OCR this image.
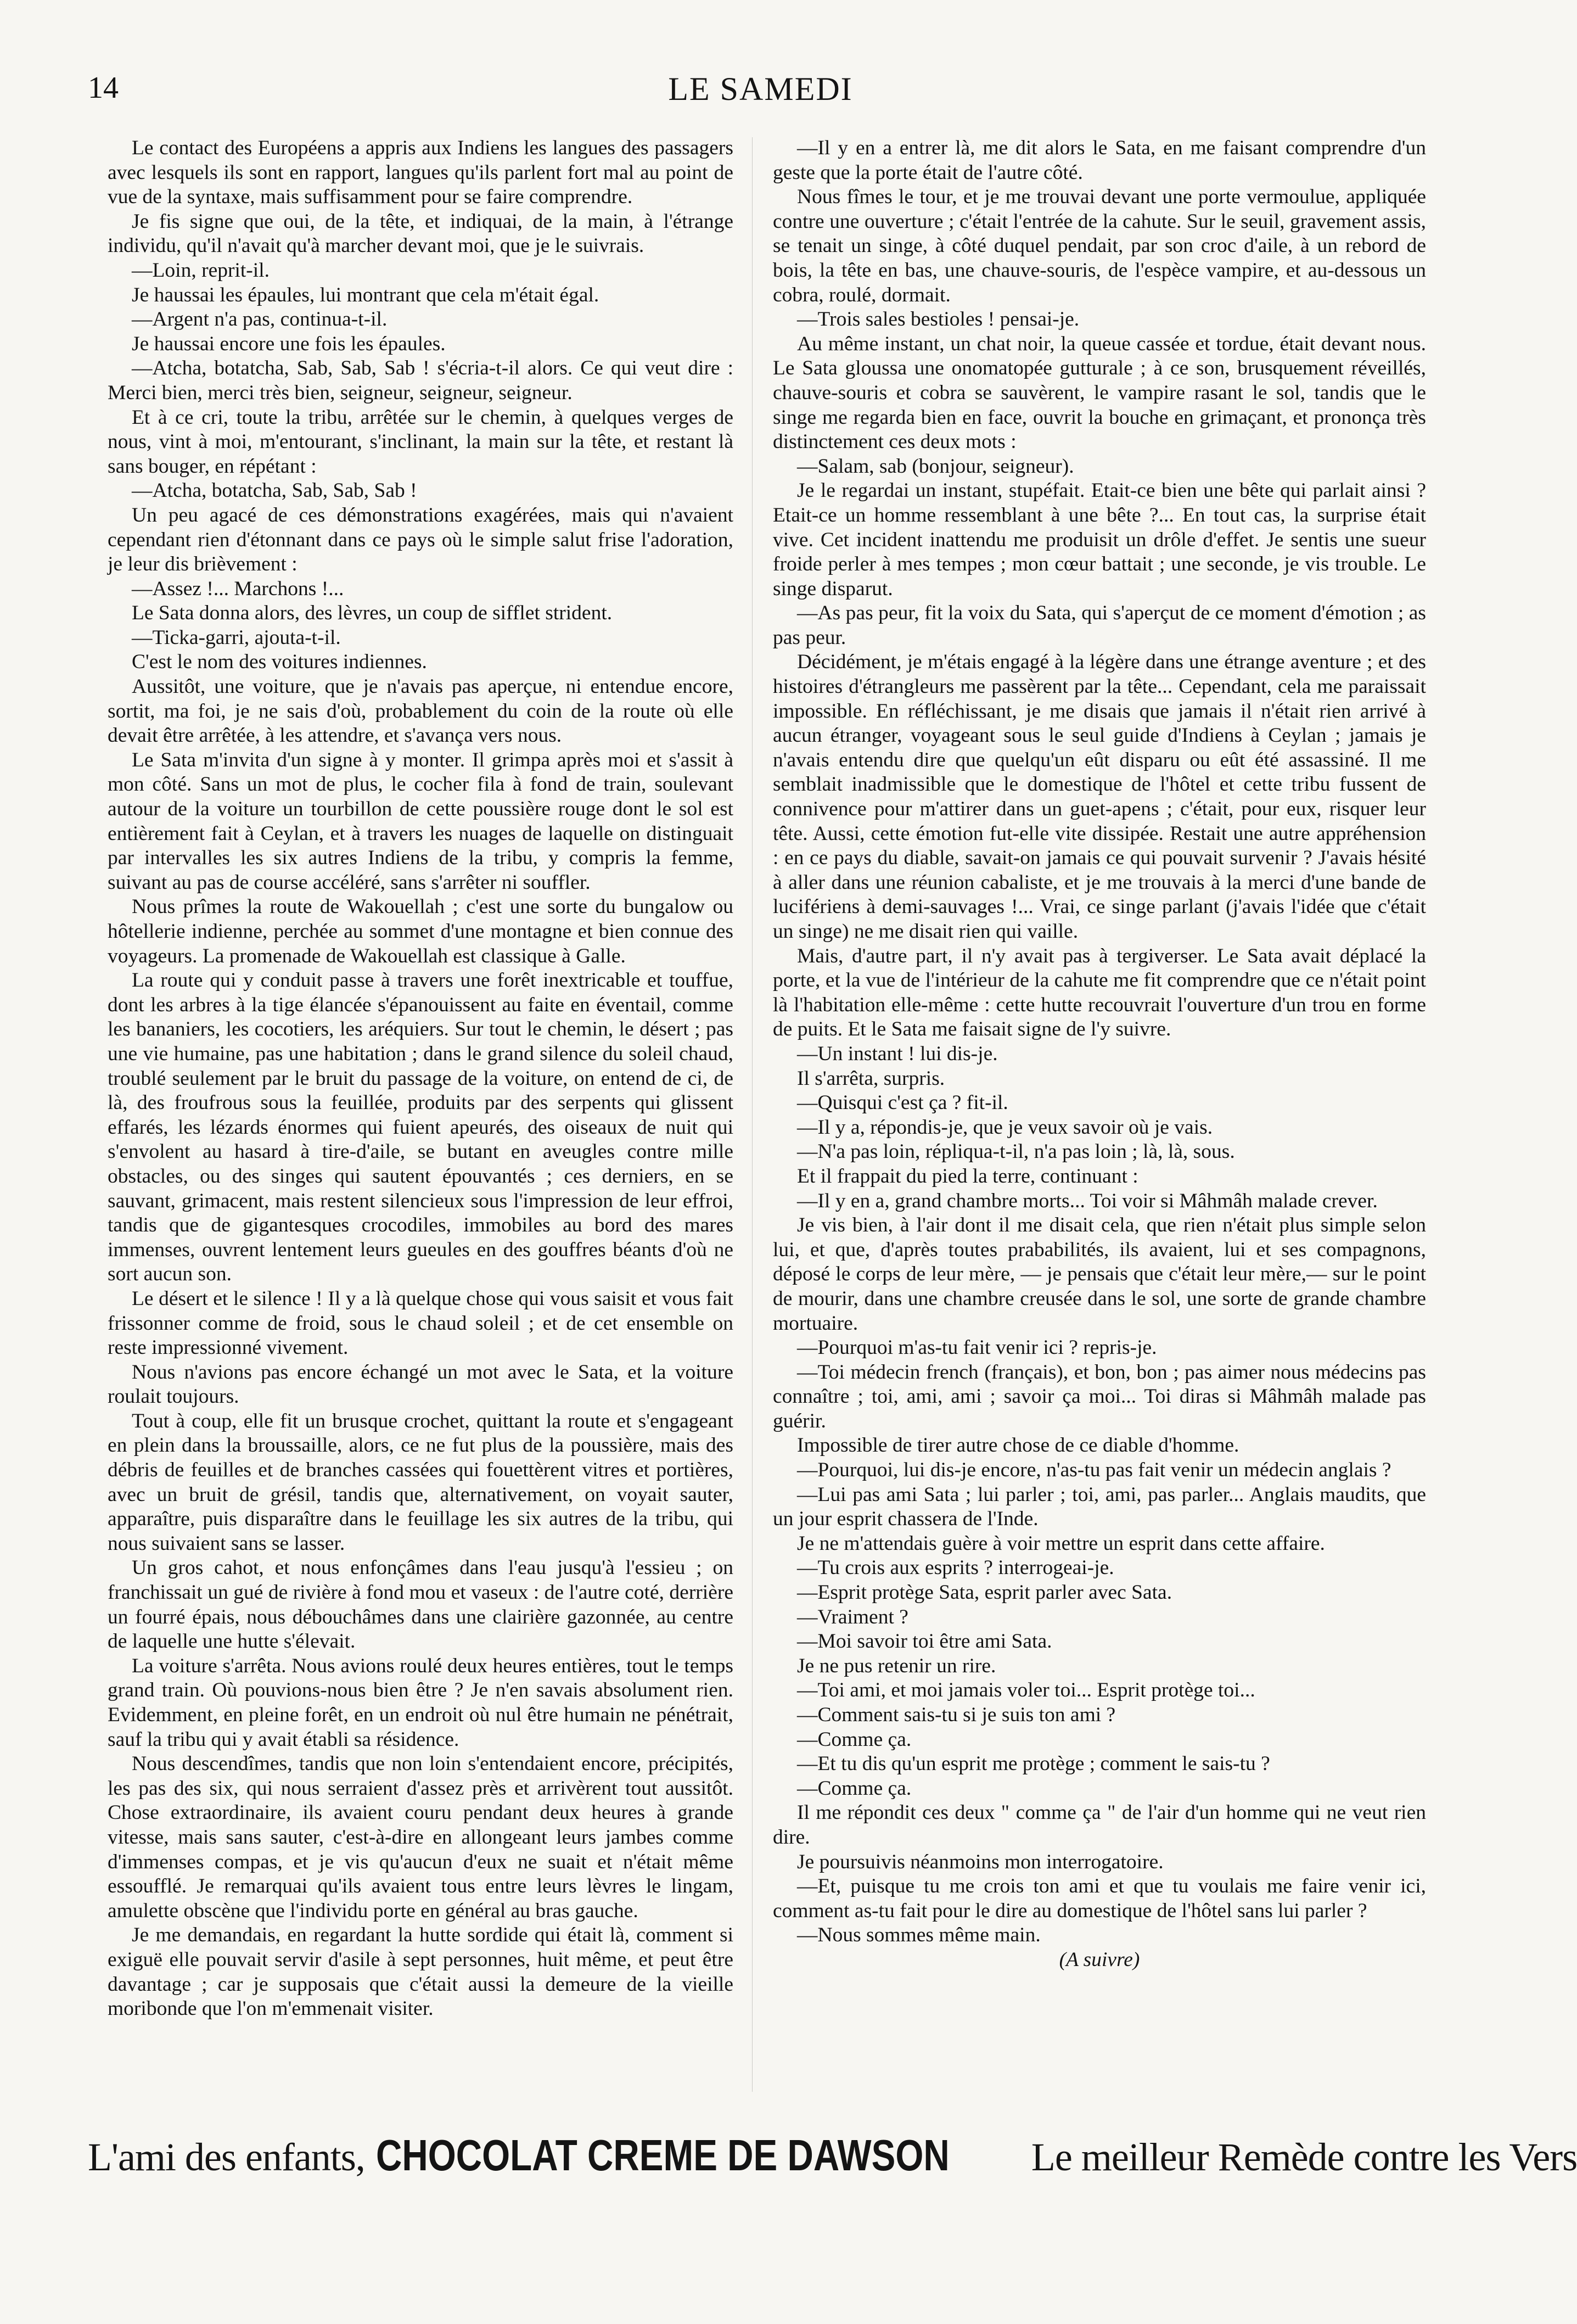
14	LE SAMEDI

Le contact des Européens a appris aux Indiens les langues des passagers avec lesquels ils sont en rapport, langues qu'ils parlent fort mal au point de vue de la syntaxe, mais suffisamment pour se faire comprendre.

Je fis signe que oui, de la tête, et indiquai, de la main, à l'étrange individu, qu'il n'avait qu'à marcher devant moi, que je le suivrais.

—Loin, reprit-il.

Je haussai les épaules, lui montrant que cela m'était égal.

—Argent n'a pas, continua-t-il.

Je haussai encore une fois les épaules.

—Atcha, botatcha, Sab, Sab, Sab ! s'écria-t-il alors. Ce qui veut dire : Merci bien, merci très bien, seigneur, seigneur, seigneur.

Et à ce cri, toute la tribu, arrêtée sur le chemin, à quelques verges de nous, vint à moi, m'entourant, s'inclinant, la main sur la tête, et restant là sans bouger, en répétant :

—Atcha, botatcha, Sab, Sab, Sab !

Un peu agacé de ces démonstrations exagérées, mais qui n'avaient cependant rien d'étonnant dans ce pays où le simple salut frise l'adoration, je leur dis brièvement :

—Assez !... Marchons !...

Le Sata donna alors, des lèvres, un coup de sifflet strident.

—Ticka-garri, ajouta-t-il.

C'est le nom des voitures indiennes.

Aussitôt, une voiture, que je n'avais pas aperçue, ni entendue encore, sortit, ma foi, je ne sais d'où, probablement du coin de la route où elle devait être arrêtée, à les attendre, et s'avança vers nous.

Le Sata m'invita d'un signe à y monter. Il grimpa après moi et s'assit à mon côté. Sans un mot de plus, le cocher fila à fond de train, soulevant autour de la voiture un tourbillon de cette poussière rouge dont le sol est entièrement fait à Ceylan, et à travers les nuages de laquelle on distinguait par intervalles les six autres Indiens de la tribu, y compris la femme, suivant au pas de course accéléré, sans s'arrêter ni souffler.

Nous prîmes la route de Wakouellah ; c'est une sorte du bungalow ou hôtellerie indienne, perchée au sommet d'une montagne et bien connue des voyageurs. La promenade de Wakouellah est classique à Galle.

La route qui y conduit passe à travers une forêt inextricable et touffue, dont les arbres à la tige élancée s'épanouissent au faite en éventail, comme les bananiers, les cocotiers, les aréquiers. Sur tout le chemin, le désert ; pas une vie humaine, pas une habitation ; dans le grand silence du soleil chaud, troublé seulement par le bruit du passage de la voiture, on entend de ci, de là, des froufrous sous la feuillée, produits par des serpents qui glissent effarés, les lézards énormes qui fuient apeurés, des oiseaux de nuit qui s'envolent au hasard à tire-d'aile, se butant en aveugles contre mille obstacles, ou des singes qui sautent épouvantés ; ces derniers, en se sauvant, grimacent, mais restent silencieux sous l'impression de leur effroi, tandis que de gigantesques crocodiles, immobiles au bord des mares immenses, ouvrent lentement leurs gueules en des gouffres béants d'où ne sort aucun son.

Le désert et le silence ! Il y a là quelque chose qui vous saisit et vous fait frissonner comme de froid, sous le chaud soleil ; et de cet ensemble on reste impressionné vivement.

Nous n'avions pas encore échangé un mot avec le Sata, et la voiture roulait toujours.

Tout à coup, elle fit un brusque crochet, quittant la route et s'engageant en plein dans la broussaille, alors, ce ne fut plus de la poussière, mais des débris de feuilles et de branches cassées qui fouettèrent vitres et portières, avec un bruit de grésil, tandis que, alternativement, on voyait sauter, apparaître, puis disparaître dans le feuillage les six autres de la tribu, qui nous suivaient sans se lasser.

Un gros cahot, et nous enfonçâmes dans l'eau jusqu'à l'essieu ; on franchissait un gué de rivière à fond mou et vaseux : de l'autre coté, derrière un fourré épais, nous débouchâmes dans une clairière gazonnée, au centre de laquelle une hutte s'élevait.

La voiture s'arrêta. Nous avions roulé deux heures entières, tout le temps grand train. Où pouvions-nous bien être ? Je n'en savais absolument rien. Evidemment, en pleine forêt, en un endroit où nul être humain ne pénétrait, sauf la tribu qui y avait établi sa résidence.

Nous descendîmes, tandis que non loin s'entendaient encore, précipités, les pas des six, qui nous serraient d'assez près et arrivèrent tout aussitôt. Chose extraordinaire, ils avaient couru pendant deux heures à grande vitesse, mais sans sauter, c'est-à-dire en allongeant leurs jambes comme d'immenses compas, et je vis qu'aucun d'eux ne suait et n'était même essoufflé. Je remarquai qu'ils avaient tous entre leurs lèvres le lingam, amulette obscène que l'individu porte en général au bras gauche.

Je me demandais, en regardant la hutte sordide qui était là, comment si exiguë elle pouvait servir d'asile à sept personnes, huit même, et peut être davantage ; car je supposais que c'était aussi la demeure de la vieille moribonde que l'on m'emmenait visiter.

—Il y en a entrer là, me dit alors le Sata, en me faisant comprendre d'un geste que la porte était de l'autre côté.

Nous fîmes le tour, et je me trouvai devant une porte vermoulue, appliquée contre une ouverture ; c'était l'entrée de la cahute. Sur le seuil, gravement assis, se tenait un singe, à côté duquel pendait, par son croc d'aile, à un rebord de bois, la tête en bas, une chauve-souris, de l'espèce vampire, et au-dessous un cobra, roulé, dormait.

—Trois sales bestioles ! pensai-je.

Au même instant, un chat noir, la queue cassée et tordue, était devant nous. Le Sata gloussa une onomatopée gutturale ; à ce son, brusquement réveillés, chauve-souris et cobra se sauvèrent, le vampire rasant le sol, tandis que le singe me regarda bien en face, ouvrit la bouche en grimaçant, et prononça très distinctement ces deux mots :

—Salam, sab (bonjour, seigneur).

Je le regardai un instant, stupéfait. Etait-ce bien une bête qui parlait ainsi ? Etait-ce un homme ressemblant à une bête ?... En tout cas, la surprise était vive. Cet incident inattendu me produisit un drôle d'effet. Je sentis une sueur froide perler à mes tempes ; mon cœur battait ; une seconde, je vis trouble. Le singe disparut.

—As pas peur, fit la voix du Sata, qui s'aperçut de ce moment d'émotion ; as pas peur.

Décidément, je m'étais engagé à la légère dans une étrange aventure ; et des histoires d'étrangleurs me passèrent par la tête... Cependant, cela me paraissait impossible. En réfléchissant, je me disais que jamais il n'était rien arrivé à aucun étranger, voyageant sous le seul guide d'Indiens à Ceylan ; jamais je n'avais entendu dire que quelqu'un eût disparu ou eût été assassiné. Il me semblait inadmissible que le domestique de l'hôtel et cette tribu fussent de connivence pour m'attirer dans un guet-apens ; c'était, pour eux, risquer leur tête. Aussi, cette émotion fut-elle vite dissipée. Restait une autre appréhension : en ce pays du diable, savait-on jamais ce qui pouvait survenir ? J'avais hésité à aller dans une réunion cabaliste, et je me trouvais à la merci d'une bande de lucifériens à demi-sauvages !... Vrai, ce singe parlant (j'avais l'idée que c'était un singe) ne me disait rien qui vaille.

Mais, d'autre part, il n'y avait pas à tergiverser. Le Sata avait déplacé la porte, et la vue de l'intérieur de la cahute me fit comprendre que ce n'était point là l'habitation elle-même : cette hutte recouvrait l'ouverture d'un trou en forme de puits. Et le Sata me faisait signe de l'y suivre.

—Un instant ! lui dis-je.

Il s'arrêta, surpris.

—Quisqui c'est ça ? fit-il.

—Il y a, répondis-je, que je veux savoir où je vais.

—N'a pas loin, répliqua-t-il, n'a pas loin ; là, là, sous.

Et il frappait du pied la terre, continuant :

—Il y en a, grand chambre morts... Toi voir si Mâhmâh malade crever.

Je vis bien, à l'air dont il me disait cela, que rien n'était plus simple selon lui, et que, d'après toutes prababilités, ils avaient, lui et ses compagnons, déposé le corps de leur mère, — je pensais que c'était leur mère,— sur le point de mourir, dans une chambre creusée dans le sol, une sorte de grande chambre mortuaire.

—Pourquoi m'as-tu fait venir ici ? repris-je.

—Toi médecin french (français), et bon, bon ; pas aimer nous médecins pas connaître ; toi, ami, ami ; savoir ça moi... Toi diras si Mâhmâh malade pas guérir.

Impossible de tirer autre chose de ce diable d'homme.

—Pourquoi, lui dis-je encore, n'as-tu pas fait venir un médecin anglais ?

—Lui pas ami Sata ; lui parler ; toi, ami, pas parler... Anglais maudits, que un jour esprit chassera de l'Inde.

Je ne m'attendais guère à voir mettre un esprit dans cette affaire.

—Tu crois aux esprits ? interrogeai-je.

—Esprit protège Sata, esprit parler avec Sata.

—Vraiment ?

—Moi savoir toi être ami Sata.

Je ne pus retenir un rire.

—Toi ami, et moi jamais voler toi... Esprit protège toi...

—Comment sais-tu si je suis ton ami ?

—Comme ça.

—Et tu dis qu'un esprit me protège ; comment le sais-tu ?

—Comme ça.

Il me répondit ces deux " comme ça " de l'air d'un homme qui ne veut rien dire.

Je poursuivis néanmoins mon interrogatoire.

—Et, puisque tu me crois ton ami et que tu voulais me faire venir ici, comment as-tu fait pour le dire au domestique de l'hôtel sans lui parler ?

—Nous sommes même main.

(A suivre)

L'ami des enfants, CHOCOLAT CREME DE DAWSON Le meilleur Remède contre les Vers
